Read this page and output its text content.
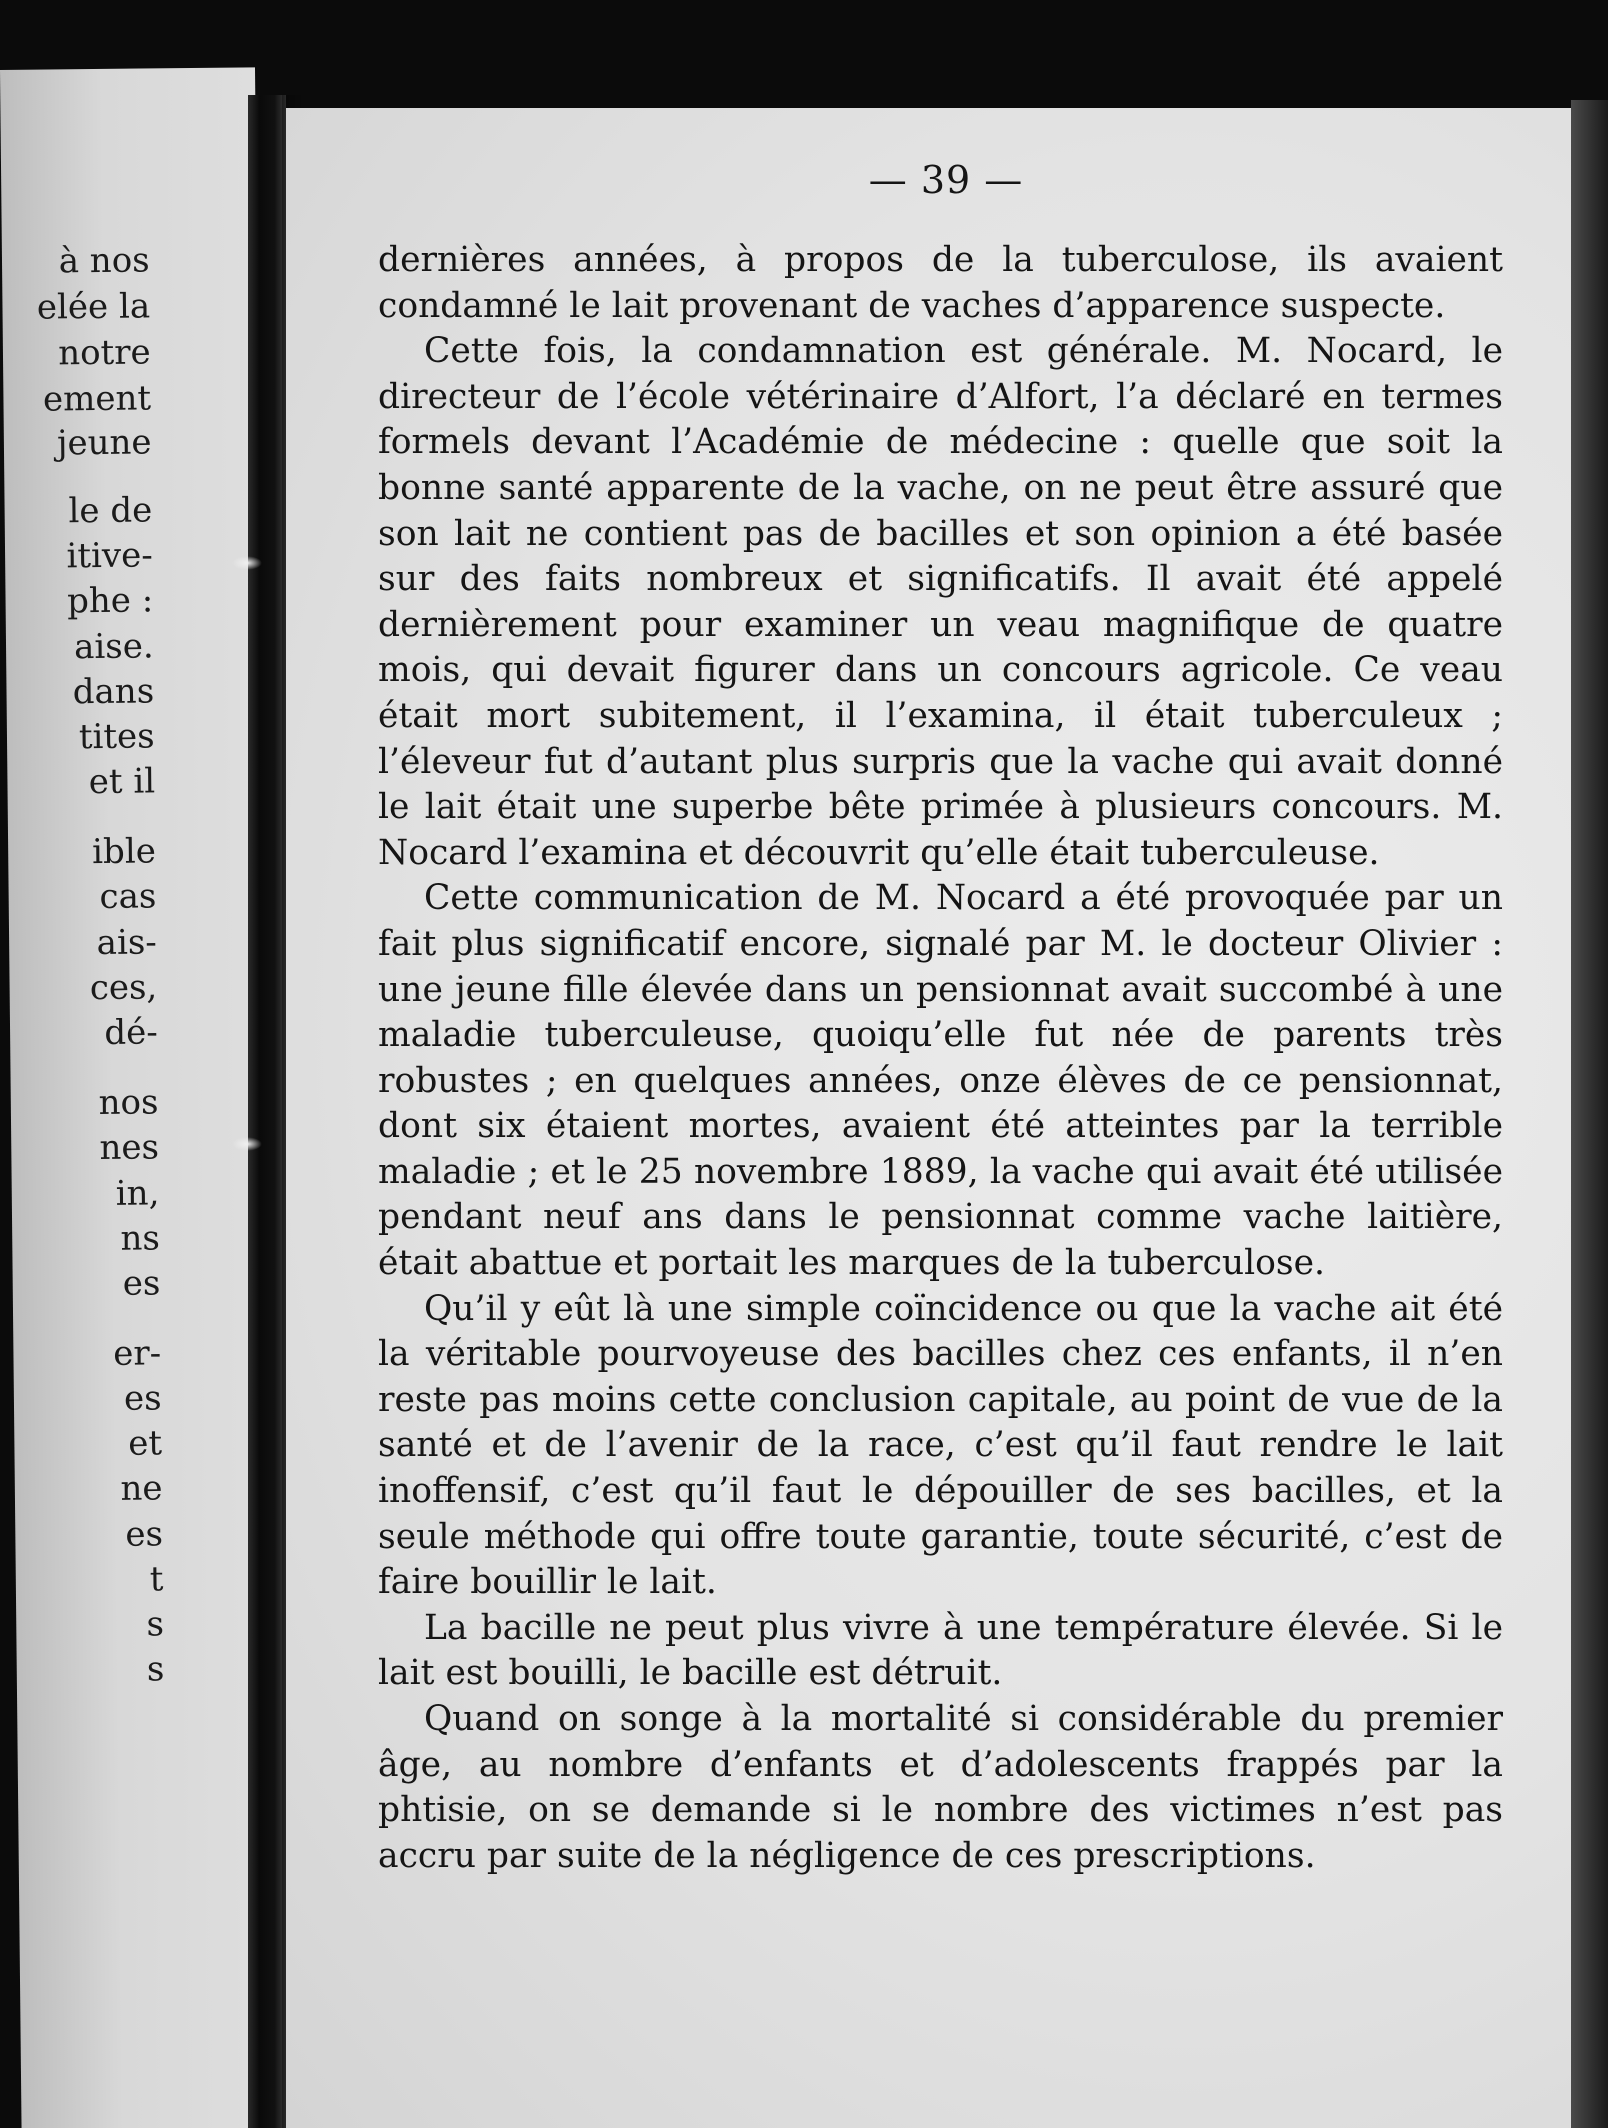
à nos
elée la
notre
ement
jeune
le de
itive-
phe :
aise.
dans
tites
et il
ible
cas
ais-
ces,
dé-
nos
nes
in,
ns
es
er-
es
et
ne
es
t
s
s
— 39 —

dernières années, à propos de la tuberculose, ils avaient condamné le lait provenant de vaches d’apparence suspecte.

Cette fois, la condamnation est générale. M. Nocard, le directeur de l’école vétérinaire d’Alfort, l’a déclaré en termes formels devant l’Académie de médecine : quelle que soit la bonne santé apparente de la vache, on ne peut être assuré que son lait ne contient pas de bacilles et son opinion a été basée sur des faits nombreux et significatifs. Il avait été appelé dernièrement pour examiner un veau magnifique de quatre mois, qui devait figurer dans un concours agricole. Ce veau était mort subitement, il l’examina, il était tuberculeux ; l’éleveur fut d’autant plus surpris que la vache qui avait donné le lait était une superbe bête primée à plusieurs concours. M. Nocard l’examina et découvrit qu’elle était tuberculeuse.

Cette communication de M. Nocard a été provoquée par un fait plus significatif encore, signalé par M. le docteur Olivier : une jeune fille élevée dans un pensionnat avait succombé à une maladie tuberculeuse, quoiqu’elle fut née de parents très robustes ; en quelques années, onze élèves de ce pensionnat, dont six étaient mortes, avaient été atteintes par la terrible maladie ; et le 25 novembre 1889, la vache qui avait été utilisée pendant neuf ans dans le pensionnat comme vache laitière, était abattue et portait les marques de la tuberculose.

Qu’il y eût là une simple coïncidence ou que la vache ait été la véritable pourvoyeuse des bacilles chez ces enfants, il n’en reste pas moins cette conclusion capitale, au point de vue de la santé et de l’avenir de la race, c’est qu’il faut rendre le lait inoffensif, c’est qu’il faut le dépouiller de ses bacilles, et la seule méthode qui offre toute garantie, toute sécurité, c’est de faire bouillir le lait.

La bacille ne peut plus vivre à une température élevée. Si le lait est bouilli, le bacille est détruit.

Quand on songe à la mortalité si considérable du premier âge, au nombre d’enfants et d’adolescents frappés par la phtisie, on se demande si le nombre des victimes n’est pas accru par suite de la négligence de ces prescriptions.
